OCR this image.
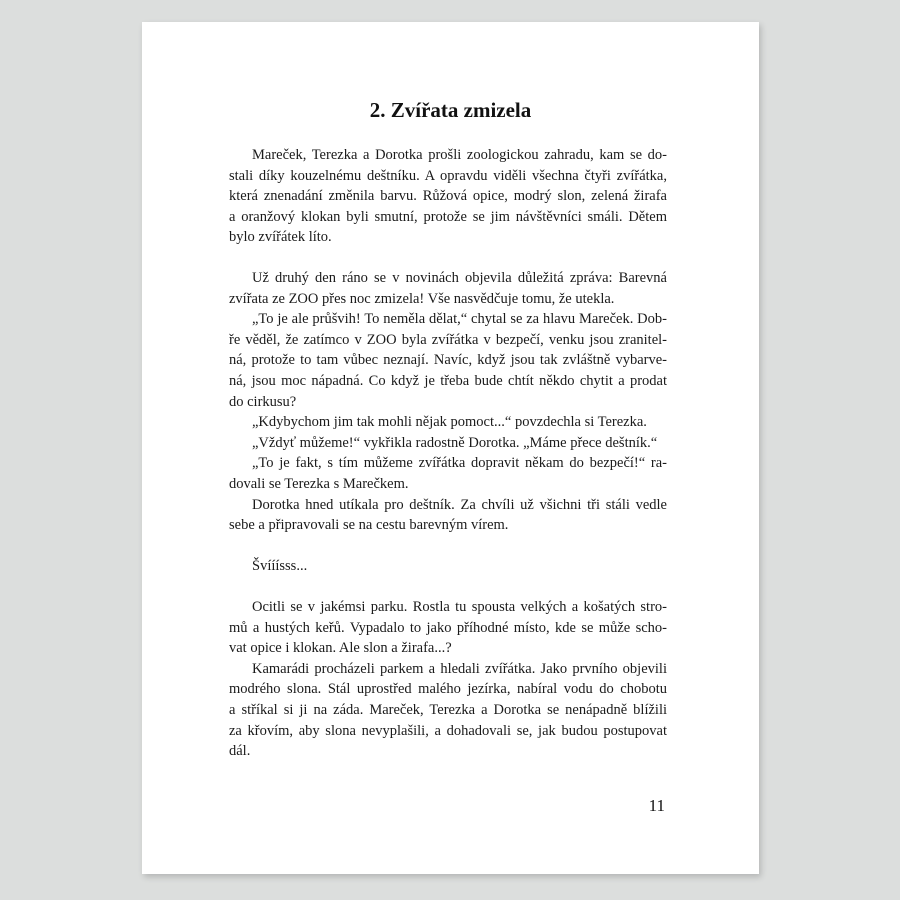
2. Zvířata zmizela
Mareček, Terezka a Dorotka prošli zoologickou zahradu, kam se do-
stali díky kouzelnému deštníku. A opravdu viděli všechna čtyři zvířátka,
která znenadání změnila barvu. Růžová opice, modrý slon, zelená žirafa
a oranžový klokan byli smutní, protože se jim návštěvníci smáli. Dětem
bylo zvířátek líto.
Už druhý den ráno se v novinách objevila důležitá zpráva: Barevná
zvířata ze ZOO přes noc zmizela! Vše nasvědčuje tomu, že utekla.
„To je ale průšvih! To neměla dělat,“ chytal se za hlavu Mareček. Dob-
ře věděl, že zatímco v ZOO byla zvířátka v bezpečí, venku jsou zranitel-
ná, protože to tam vůbec neznají. Navíc, když jsou tak zvláštně vybarve-
ná, jsou moc nápadná. Co když je třeba bude chtít někdo chytit a prodat
do cirkusu?
„Kdybychom jim tak mohli nějak pomoct...“ povzdechla si Terezka.
„Vždyť můžeme!“ vykřikla radostně Dorotka. „Máme přece deštník.“
„To je fakt, s tím můžeme zvířátka dopravit někam do bezpečí!“ ra-
dovali se Terezka s Marečkem.
Dorotka hned utíkala pro deštník. Za chvíli už všichni tři stáli vedle
sebe a připravovali se na cestu barevným vírem.
Švííísss...
Ocitli se v jakémsi parku. Rostla tu spousta velkých a košatých stro-
mů a hustých keřů. Vypadalo to jako příhodné místo, kde se může scho-
vat opice i klokan. Ale slon a žirafa...?
Kamarádi procházeli parkem a hledali zvířátka. Jako prvního objevili
modrého slona. Stál uprostřed malého jezírka, nabíral vodu do chobotu
a stříkal si ji na záda. Mareček, Terezka a Dorotka se nenápadně blížili
za křovím, aby slona nevyplašili, a dohadovali se, jak budou postupovat
dál.
11
